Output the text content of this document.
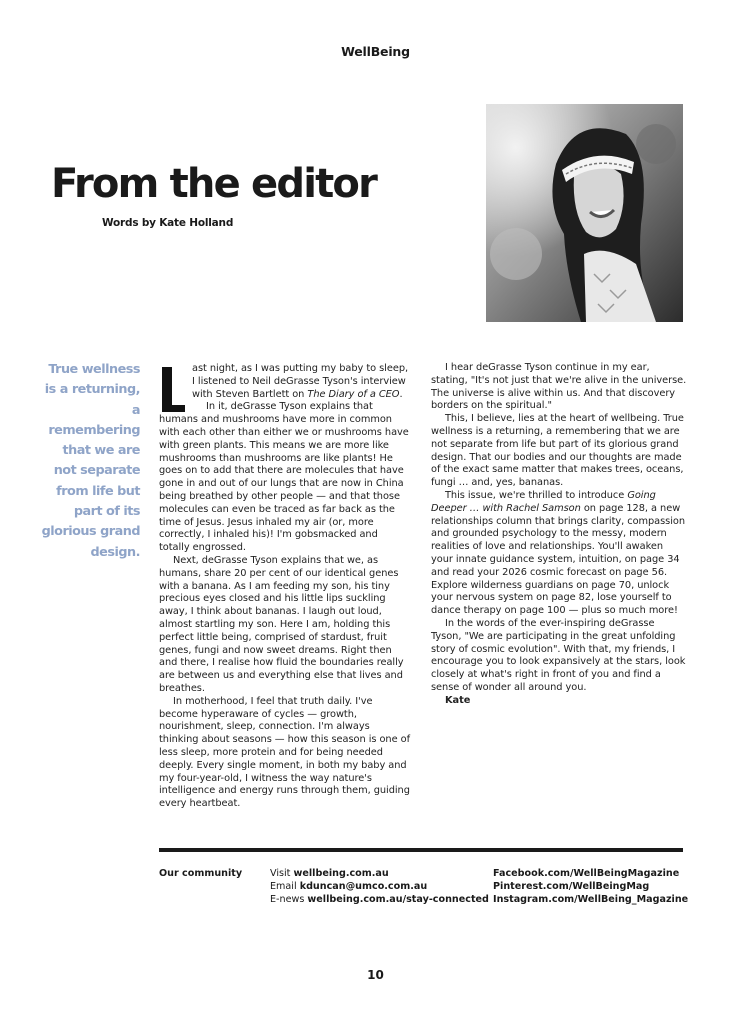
WellBeing
From the editor
Words by Kate Holland
True wellness is a returning, a remembering that we are not separate from life but part of its glorious grand design.

ast night, as I was putting my baby to sleep, I listened to Neil deGrasse Tyson's interview with Steven Bartlett on The Diary of a CEO.

In it, deGrasse Tyson explains that humans and mushrooms have more in common with each other than either we or mushrooms have with green plants. This means we are more like mushrooms than mushrooms are like plants! He goes on to add that there are molecules that have gone in and out of our lungs that are now in China being breathed by other people — and that those molecules can even be traced as far back as the time of Jesus. Jesus inhaled my air (or, more correctly, I inhaled his)! I'm gobsmacked and totally engrossed.

Next, deGrasse Tyson explains that we, as humans, share 20 per cent of our identical genes with a banana. As I am feeding my son, his tiny precious eyes closed and his little lips suckling away, I think about bananas. I laugh out loud, almost startling my son. Here I am, holding this perfect little being, comprised of stardust, fruit genes, fungi and now sweet dreams. Right then and there, I realise how fluid the boundaries really are between us and everything else that lives and breathes.

In motherhood, I feel that truth daily. I've become hyperaware of cycles — growth, nourishment, sleep, connection. I'm always thinking about seasons — how this season is one of less sleep, more protein and for being needed deeply. Every single moment, in both my baby and my four-year-old, I witness the way nature's intelligence and energy runs through them, guiding every heartbeat.

I hear deGrasse Tyson continue in my ear, stating, "It's not just that we're alive in the universe. The universe is alive within us. And that discovery borders on the spiritual."

This, I believe, lies at the heart of wellbeing. True wellness is a returning, a remembering that we are not separate from life but part of its glorious grand design. That our bodies and our thoughts are made of the exact same matter that makes trees, oceans, fungi … and, yes, bananas.

This issue, we're thrilled to introduce Going Deeper … with Rachel Samson on page 128, a new relationships column that brings clarity, compassion and grounded psychology to the messy, modern realities of love and relationships. You'll awaken your innate guidance system, intuition, on page 34 and read your 2026 cosmic forecast on page 56. Explore wilderness guardians on page 70, unlock your nervous system on page 82, lose yourself to dance therapy on page 100 — plus so much more!

In the words of the ever-inspiring deGrasse Tyson, "We are participating in the great unfolding story of cosmic evolution". With that, my friends, I encourage you to look expansively at the stars, look closely at what's right in front of you and find a sense of wonder all around you.

Kate
Our community	Visit wellbeing.com.au
Email kduncan@umco.com.au
E-news wellbeing.com.au/stay-connected
Facebook.com/WellBeingMagazine
Pinterest.com/WellBeingMag
Instagram.com/WellBeing_Magazine
10
